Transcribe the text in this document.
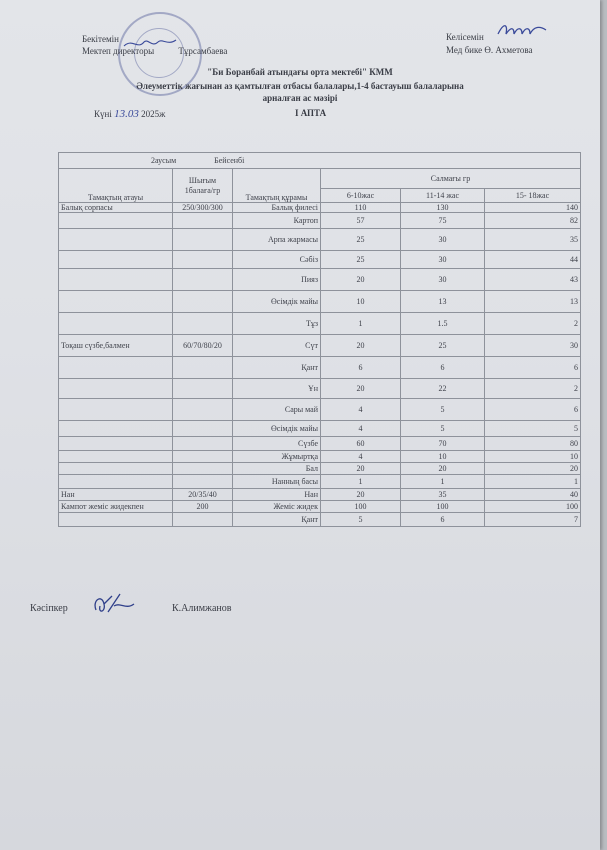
Бекітемін
Мектеп директоры	Тұрсамбаева
Келісемін
Мед бике Ө. Ахметова
"Би Боранбай атындағы орта мектебі" КММ
Әлеуметтік жағынан аз қамтылған отбасы балалары,1-4 бастауыш балаларына
арналған ас мәзірі
Күні 13.03 2025ж	І АПТА
2аусым Бейсенбі					
Тамақтың атауы	Шығым 1балаға/гр	Тамақтың құрамы	Салмағы гр		
			6-10жас	11-14 жас	15- 18жас
Балық сорпасы	250/300/300	Балық филесі	110	130	140
		Картоп	57	75	82
		Арпа жармасы	25	30	35
		Сәбіз	25	30	44
		Пияз	20	30	43
		Өсімдік майы	10	13	13
		Тұз	1	1.5	2
Тоқаш сүзбе,балмен	60/70/80/20	Сүт	20	25	30
		Қант	6	6	6
		Ұн	20	22	2
		Сары май	4	5	6
		Өсімдік майы	4	5	5
		Сүзбе	60	70	80
		Жұмыртқа	4	10	10
		Бал	20	20	20
		Нанның басы	1	1	1
Нан	20/35/40	Нан	20	35	40
Кампот жеміс жидекпен	200	Жеміс жидек	100	100	100
		Қант	5	6	7
Кәсіпкер	К.Алимжанов
